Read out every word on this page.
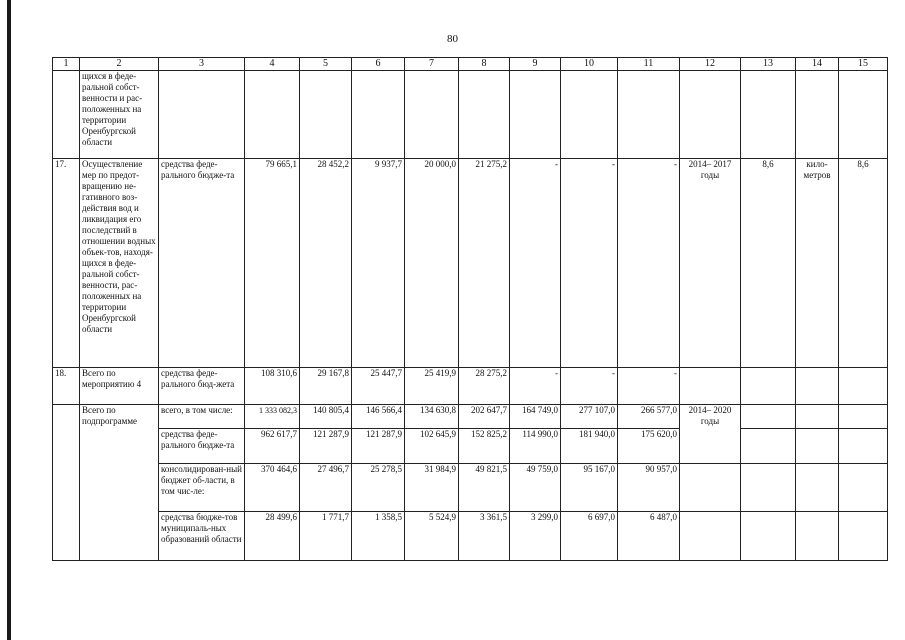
80
1	2	3	4	5	6	7	8	9	10	11	12	13	14	15
	щихся в феде-ральной собст-венности и рас-положенных на территории Оренбургской области													
17.	Осуществление мер по предот-вращению не-гативного воз-действия вод и ликвидация его последствий в отношении водных объек-тов, находя-щихся в феде-ральной собст-венности, рас-положенных на территории Оренбургской области	средства феде-рального бюдже-та	79 665,1	28 452,2	9 937,7	20 000,0	21 275,2	-	-	-	2014– 2017 годы	8,6	кило-метров	8,6
18.	Всего по мероприятию 4	средства феде-рального бюд-жета	108 310,6	29 167,8	25 447,7	25 419,9	28 275,2	-	-	-				
	Всего по подпрограмме	всего, в том числе:	1 333 082,3	140 805,4	146 566,4	134 630,8	202 647,7	164 749,0	277 107,0	266 577,0	2014– 2020 годы			
		средства феде-рального бюдже-та	962 617,7	121 287,9	121 287,9	102 645,9	152 825,2	114 990,0	181 940,0	175 620,0				
		консолидирован-ный бюджет об-ласти, в том чис-ле:	370 464,6	27 496,7	25 278,5	31 984,9	49 821,5	49 759,0	95 167,0	90 957,0				
		средства бюдже-тов муниципаль-ных образований области	28 499,6	1 771,7	1 358,5	5 524,9	3 361,5	3 299,0	6 697,0	6 487,0				
